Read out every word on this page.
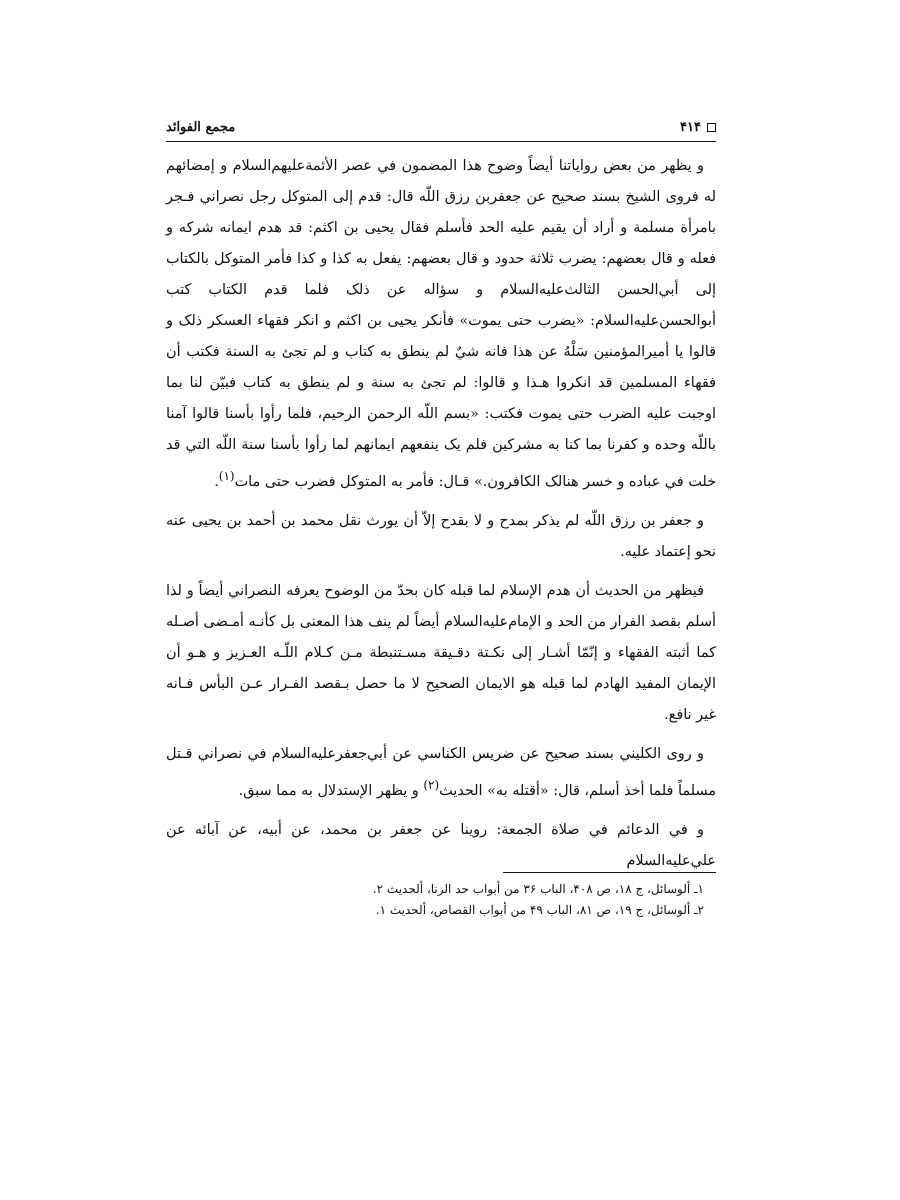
۴۱۴
مجمع الفوائد

و يظهر من بعض رواياتنا أيضاً وضوح هذا المضمون في عصر الأئمةعليهم‌السلام و إمضائهم له فروى الشيخ بسند صحيح عن جعفربن رزق اللّه قال: قدم إلى المتوكل رجل نصراني فـجر بامرأة مسلمة و أراد أن يقيم عليه الحد فأسلم فقال يحيى بن اكثم: قد هدم ايمانه شركه و فعله و قال بعضهم: يضرب ثلاثة حدود و قال بعضهم: يفعل به كذا و كذا فأمر المتوكل بالكتاب إلى أبي‌الحسن الثالث‌عليه‌السلام و سؤاله عن ذلک فلما قدم الکتاب كتب أبوالحسن‌عليه‌السلام: «يضرب حتى يموت» فأنكر يحيى بن اكثم و انكر فقهاء العسكر ذلک و قالوا يا أميرالمؤمنين سَلْهُ عن هذا فانه شيٌ لم ينطق به كتاب و لم تجئ به السنة فكتب أن فقهاء المسلمين قد انكروا هـذا و قالوا: لم تجئ به سنة و لم ينطق به كتاب فبيّن لنا بما اوجبت عليه الضرب حتى يموت فكتب: «بسم اللّه الرحمن الرحيم، فلما رأوا بأسنا قالوا آمنا باللّه وحده و كفرنا بما كنا به مشركين فلم يک ينفعهم ايمانهم لما رأوا بأسنا سنة اللّه التي قد خلت في عباده و خسر هنالک الكافرون.» قـال: فأمر به المتوكل فضرب حتى مات$^{(۱)}$.

و جعفر بن رزق اللّه لم يذكر بمدح و لا بقدح إلاّ أن يورث نقل محمد بن أحمد بن يحيى عنه نحو إعتماد عليه.

فيظهر من الحديث أن هدم الإسلام لما قبله كان بحدّ من الوضوح يعرفه النصراني أيضاً و لذا أسلم بقصد الفرار من الحد و الإمام‌عليه‌السلام أيضاً لم ينف هذا المعنى بل كأنـه أمـضى أصـله كما أثبته الفقهاء و إنّمّا أشـار إلى نكـتة دقـيقة مسـتنبطة مـن كـلام اللّـه العـزيز و هـو أن الإيمان المفيد الهادم لما قبله هو الايمان الصحيح لا ما حصل بـقصد الفـرار عـن البأس فـانه غير نافع.

و روى الكليني بسند صحيح عن ضريس الكناسي عن أبي‌جعفرعليه‌السلام في نصراني قـتل مسلماً فلما أخذ أسلم، قال: «أقتله به» الحديث$^{(۲)}$ و يظهر الإستدلال به مما سبق.

و في الدعائم في صلاة الجمعة: روينا عن جعفر بن محمد، عن أبيه، عن آبائه عن علي‌عليه‌السلام

۱ـ ألوسائل، ج ۱۸، ص ۴۰۸، الباب ۳۶ من أبواب حد الزنا، ألحديث ۲.
۲ـ ألوسائل، ج ۱۹، ص ۸۱، الباب ۴۹ من أبواب القصاص، ألحديث ۱.
